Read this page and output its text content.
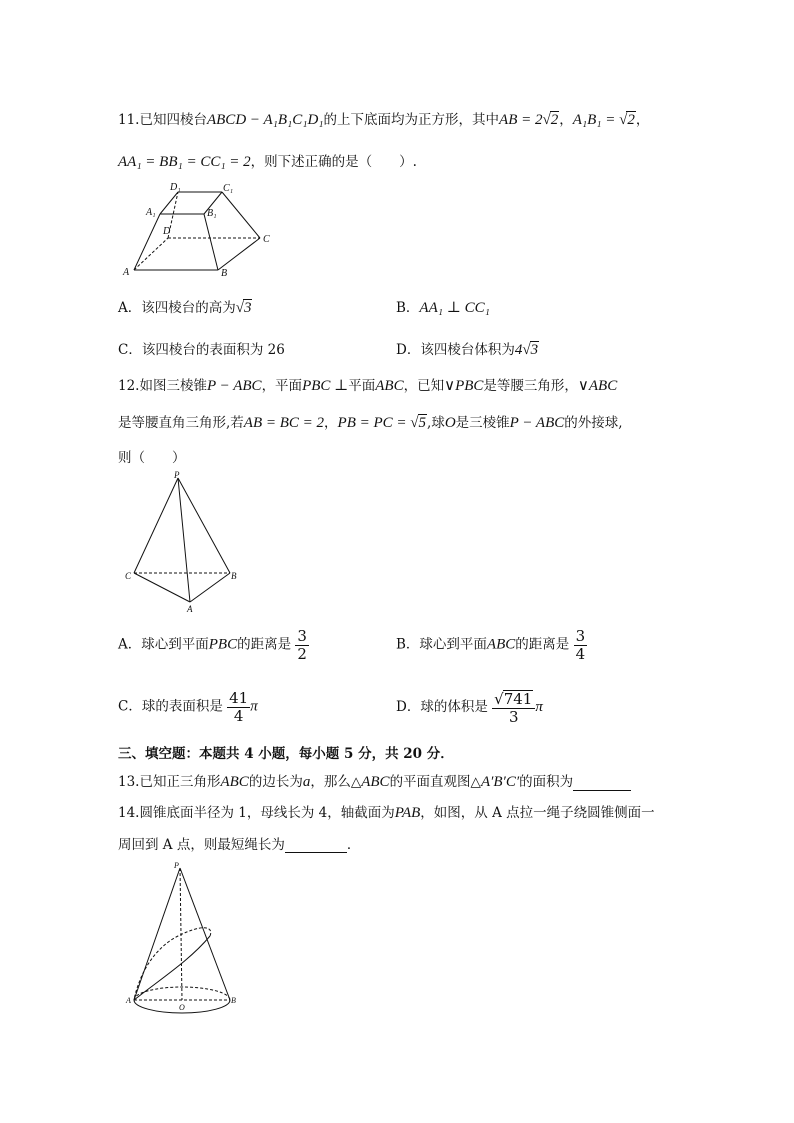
11.已知四棱台ABCD − A₁B₁C₁D₁的上下底面均为正方形，其中AB = 2√2，A₁B₁ = √2，
AA₁ = BB₁ = CC₁ = 2，则下述正确的是（　　）.
A	B
C
D
A₁	B₁
C₁
D₁
A．该四棱台的高为√3	B．AA₁ ⊥ CC₁
C．该四棱台的表面积为 26	D．该四棱台体积为4√3
12.如图三棱锥P − ABC，平面PBC ⊥平面ABC，已知∨PBC是等腰三角形，∨ABC
是等腰直角三角形,若AB = BC = 2，PB = PC = √5,球O是三棱锥P − ABC的外接球,
则（　　）
P
C	B
A
A．球心到平面PBC的距离是 $\frac{3}{2}$	B．球心到平面ABC的距离是 $\frac{3}{4}$
C．球的表面积是 $\frac{41}{4}$ π	D．球的体积是 $\frac{√741}{3}$ π
三、填空题：本题共 4 小题，每小题 5 分，共 20 分．
13.已知正三角形ABC的边长为a，那么△ABC的平面直观图△A′B′C′的面积为
14.圆锥底面半径为 1，母线长为 4，轴截面为PAB，如图，从 A 点拉一绳子绕圆锥侧面一
周回到 A 点，则最短绳长为	．
P
A	B
O
